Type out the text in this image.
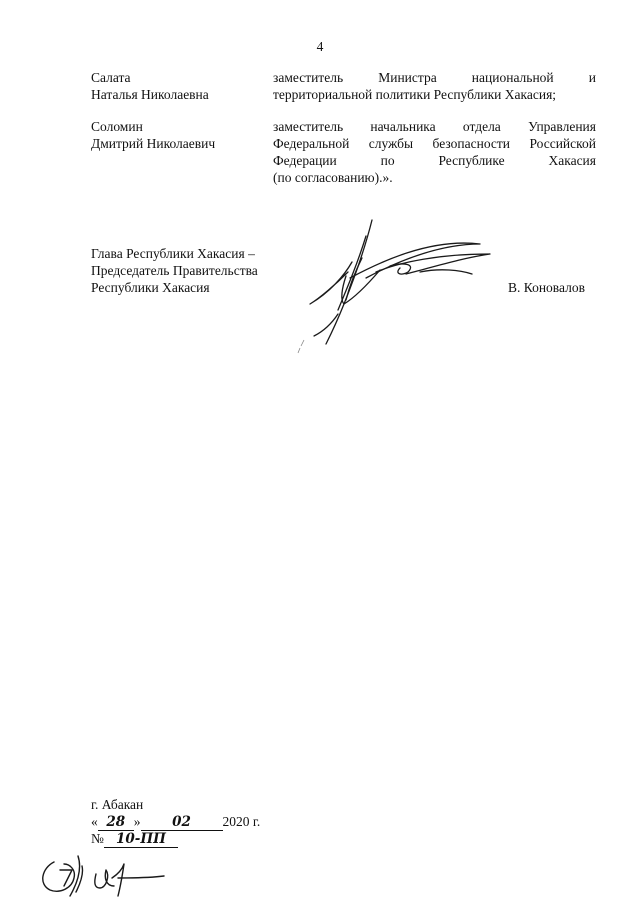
4
Салата
Наталья Николаевна
заместитель Министра национальной и
территориальной политики Республики Хакасия;
Соломин
Дмитрий Николаевич
заместитель начальника отдела Управления
Федеральной службы безопасности Российской
Федерации по Республике Хакасия
(по согласованию).».
Глава Республики Хакасия –
Председатель Правительства
Республики Хакасия	В. Коновалов
г. Абакан
« 28 » 02 2020 г.
№ 10-ПП
